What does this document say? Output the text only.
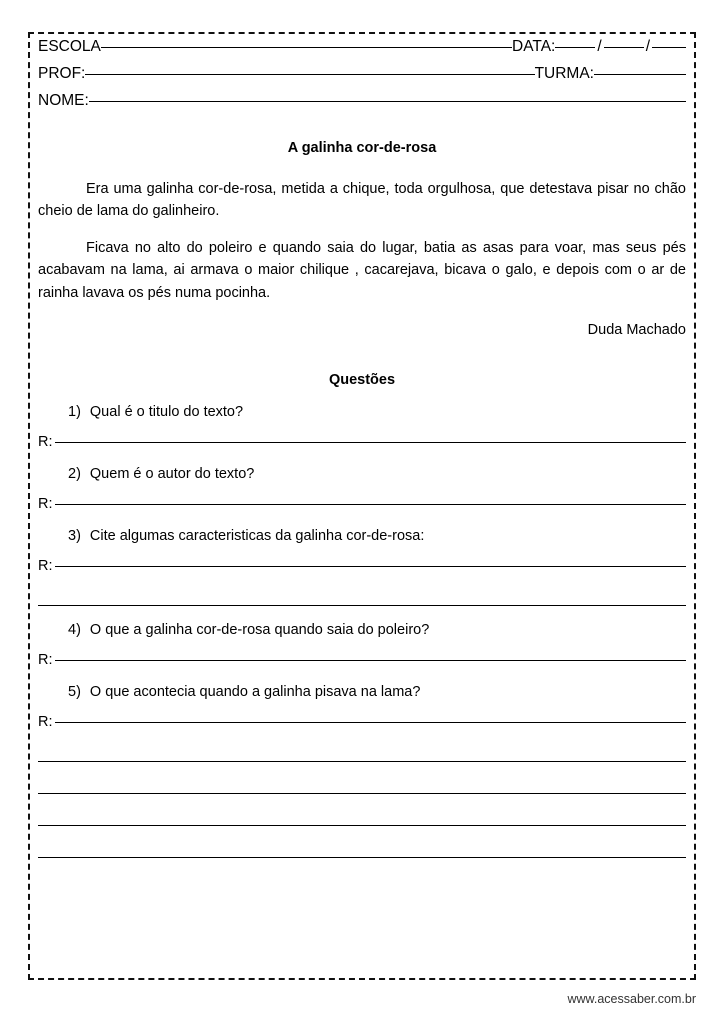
ESCOLA	DATA:	/	/
PROF:	TURMA:
NOME:
A galinha cor-de-rosa
Era uma galinha cor-de-rosa, metida a chique, toda orgulhosa, que detestava pisar no chão cheio de lama do galinheiro.
Ficava no alto do poleiro e quando saia do lugar, batia as asas para voar, mas seus pés acabavam na lama, ai armava o maior chilique , cacarejava, bicava o galo, e depois com o ar de rainha lavava os pés numa pocinha.
Duda Machado
Questões
1) Qual é o titulo do texto?
R:
2) Quem é o autor do texto?
R:
3) Cite algumas caracteristicas da galinha cor-de-rosa:
R:
4) O que a galinha cor-de-rosa quando saia do poleiro?
R:
5) O que acontecia quando a galinha pisava na lama?
R:
www.acessaber.com.br
